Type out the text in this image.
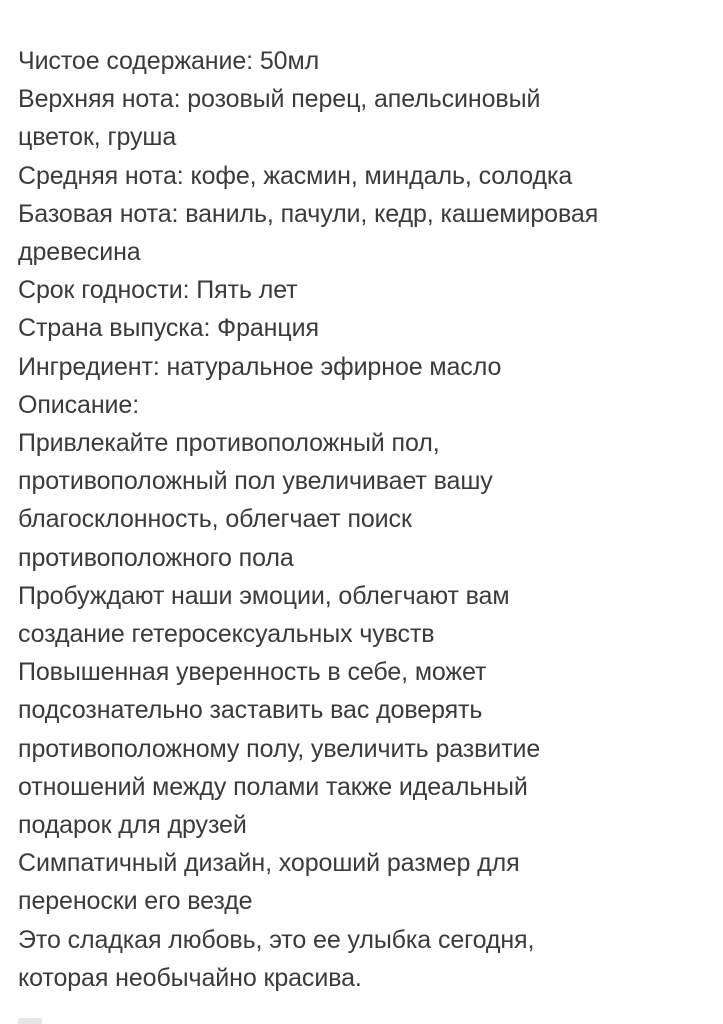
Чистое содержание: 50мл
Верхняя нота: розовый перец, апельсиновый
цветок, груша
Средняя нота: кофе, жасмин, миндаль, солодка
Базовая нота: ваниль, пачули, кедр, кашемировая
древесина
Срок годности: Пять лет
Страна выпуска: Франция
Ингредиент: натуральное эфирное масло
Описание:
Привлекайте противоположный пол,
противоположный пол увеличивает вашу
благосклонность, облегчает поиск
противоположного пола
Пробуждают наши эмоции, облегчают вам
создание гетеросексуальных чувств
Повышенная уверенность в себе, может
подсознательно заставить вас доверять
противоположному полу, увеличить развитие
отношений между полами также идеальный
подарок для друзей
Симпатичный дизайн, хороший размер для
переноски его везде
Это сладкая любовь, это ее улыбка сегодня,
которая необычайно красива.
